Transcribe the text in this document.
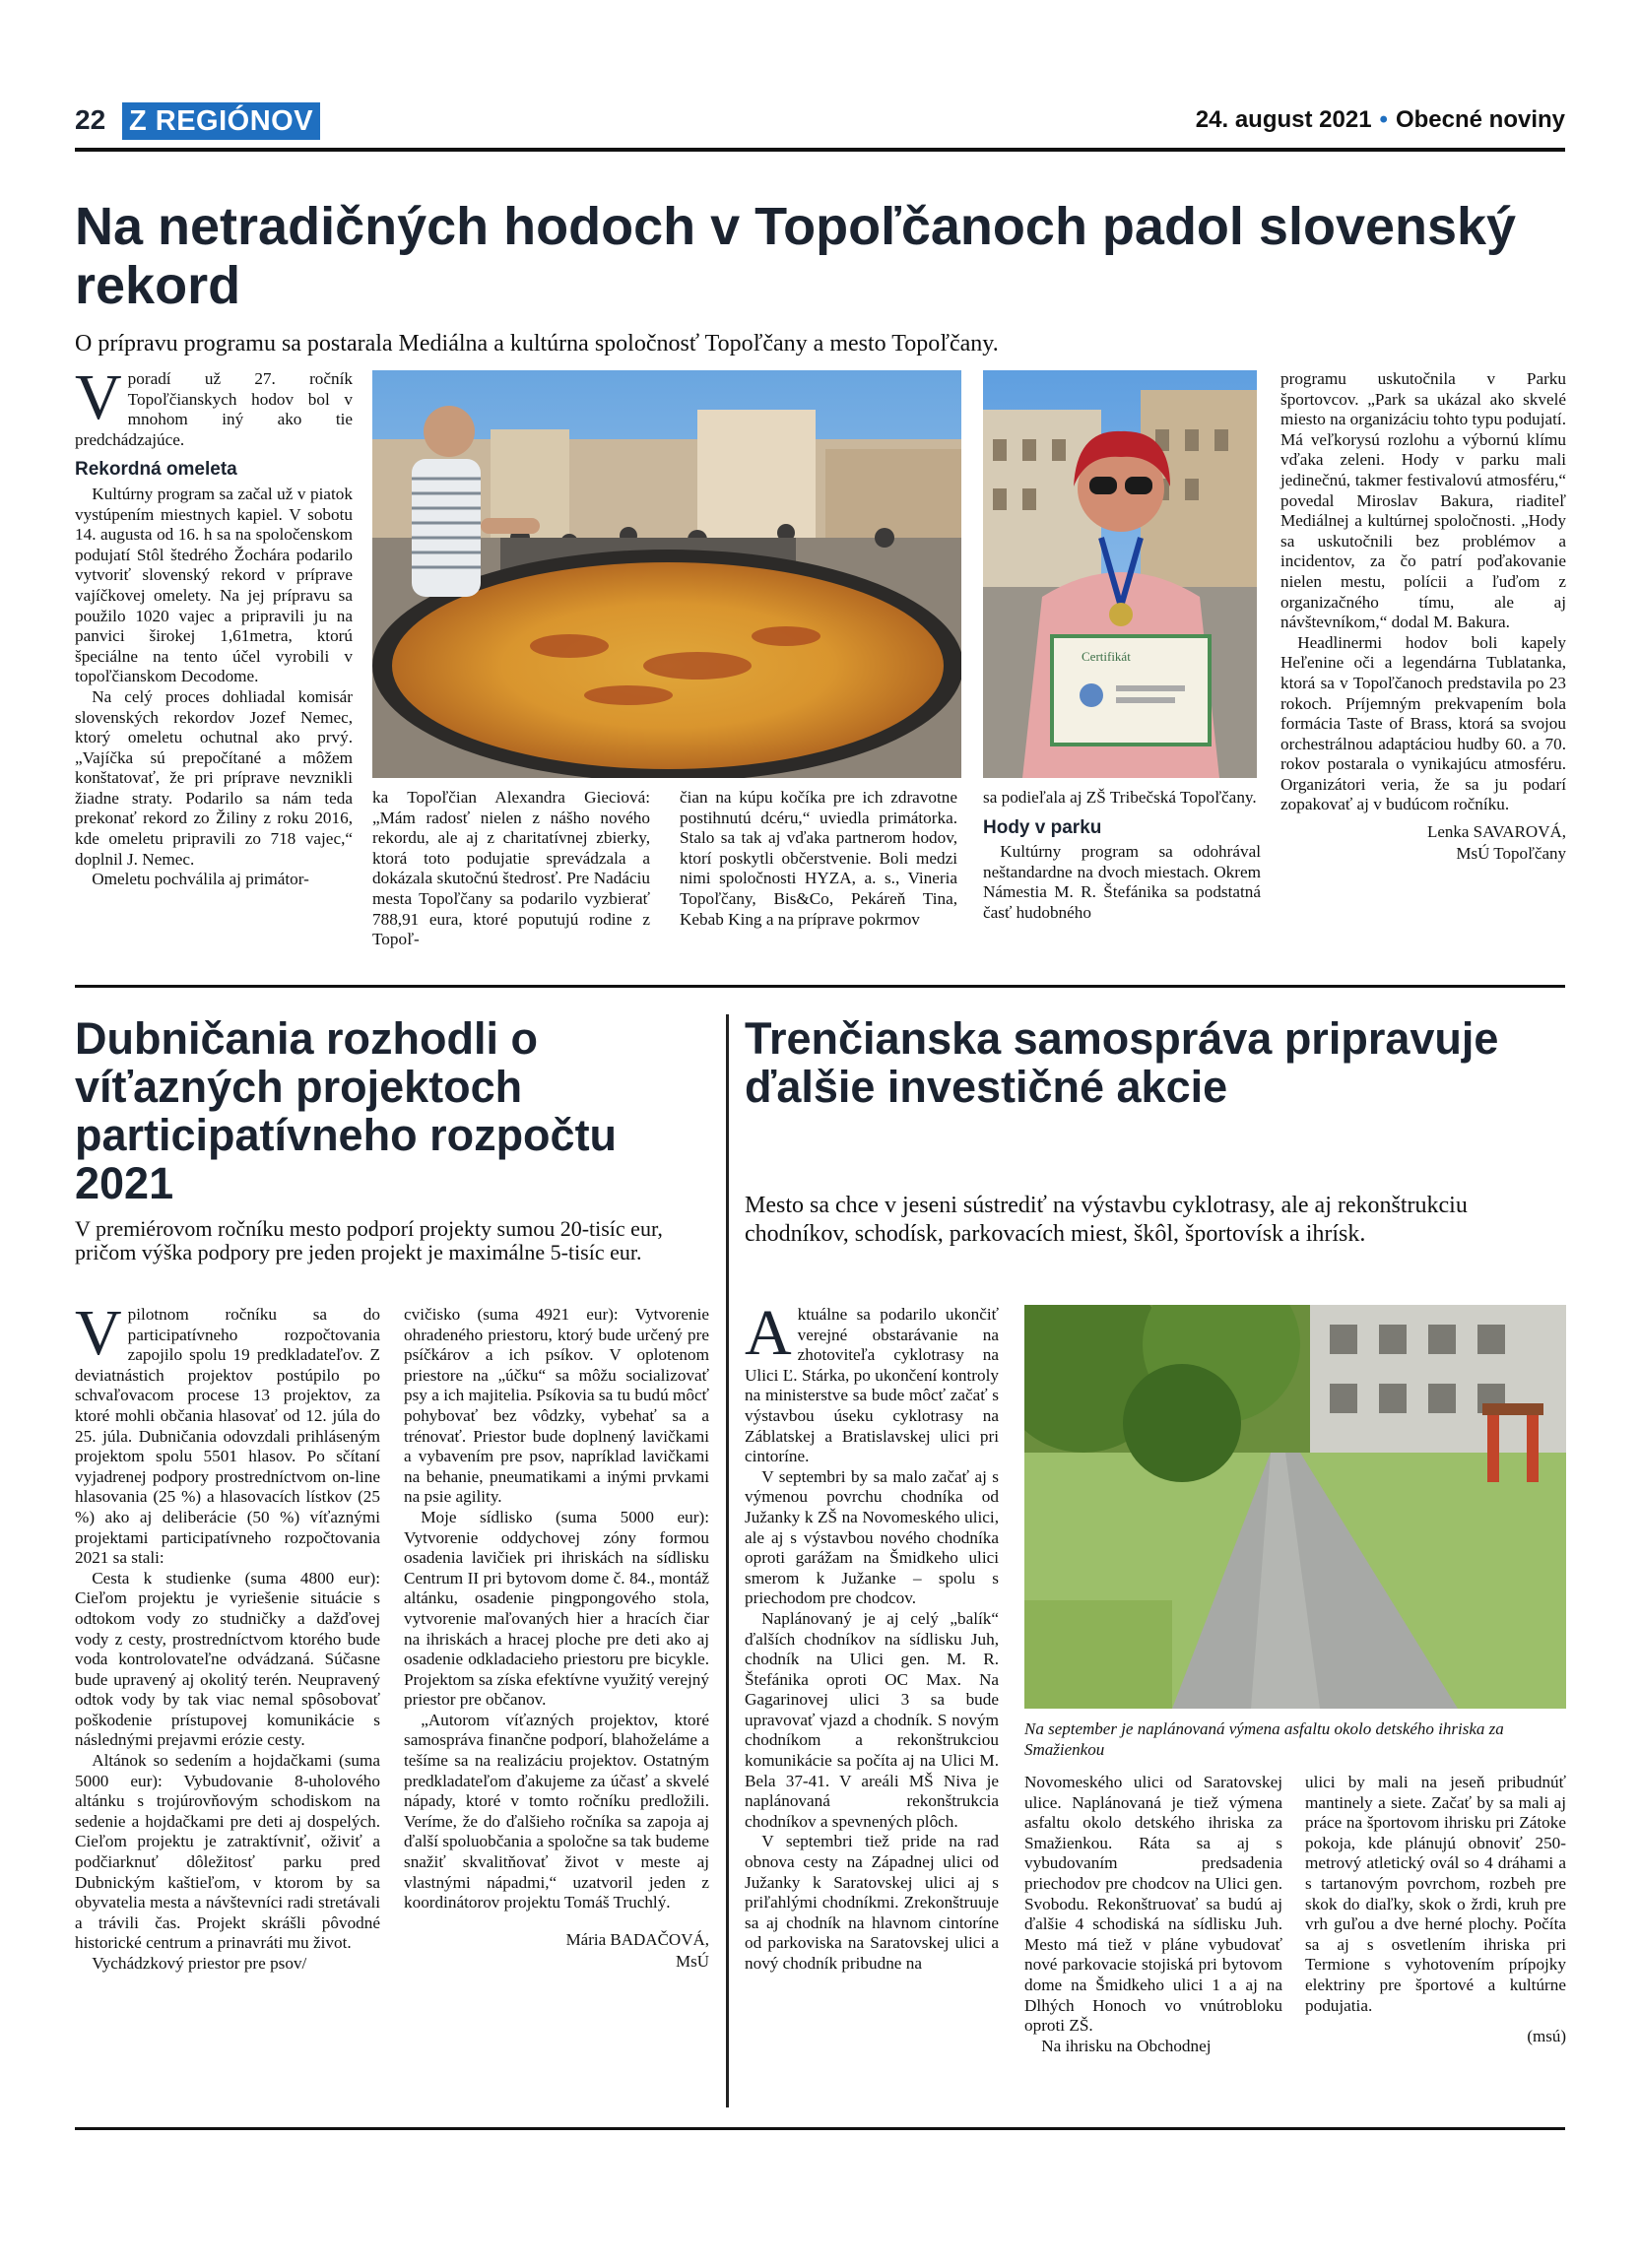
22 Z REGIÓNOV	24. august 2021 • Obecné noviny
Na netradičných hodoch v Topoľčanoch padol slovenský rekord
O prípravu programu sa postarala Mediálna a kultúrna spoločnosť Topoľčany a mesto Topoľčany.

Vporadí už 27. ročník Topoľčianskych hodov bol v mnohom iný ako tie predchádzajúce.

Rekordná omeleta

Kultúrny program sa začal už v piatok vystúpením miestnych kapiel. V sobotu 14. augusta od 16. h sa na spoločenskom podujatí Stôl štedrého Žochára podarilo vytvoriť slovenský rekord v príprave vajíčkovej omelety. Na jej prípravu sa použilo 1020 vajec a pripravili ju na panvici širokej 1,61metra, ktorú špeciálne na tento účel vyrobili v topoľčianskom Decodome.

Na celý proces dohliadal komisár slovenských rekordov Jozef Nemec, ktorý omeletu ochutnal ako prvý. „Vajíčka sú prepočítané a môžem konštatovať, že pri príprave nevznikli žiadne straty. Podarilo sa nám teda prekonať rekord zo Žiliny z roku 2016, kde omeletu pripravili zo 718 vajec,“ doplnil J. Nemec.

Omeletu pochválila aj primátor-

Certifikát

ka Topoľčian Alexandra Gieciová: „Mám radosť nielen z nášho nového rekordu, ale aj z charitatívnej zbierky, ktorá toto podujatie sprevádzala a dokázala skutočnú štedrosť. Pre Nadáciu mesta Topoľčany sa podarilo vyzbierať 788,91 eura, ktoré poputujú rodine z Topoľ-

čian na kúpu kočíka pre ich zdravotne postihnutú dcéru,“ uviedla primátorka. Stalo sa tak aj vďaka partnerom hodov, ktorí poskytli občerstvenie. Boli medzi nimi spoločnosti HYZA, a. s., Vineria Topoľčany, Bis&Co, Pekáreň Tina, Kebab King a na príprave pokrmov

sa podieľala aj ZŠ Tribečská Topoľčany.

Hody v parku

Kultúrny program sa odohrával neštandardne na dvoch miestach. Okrem Námestia M. R. Štefánika sa podstatná časť hudobného

programu uskutočnila v Parku športovcov. „Park sa ukázal ako skvelé miesto na organizáciu tohto typu podujatí. Má veľkorysú rozlohu a výbornú klímu vďaka zeleni. Hody v parku mali jedinečnú, takmer festivalovú atmosféru,“ povedal Miroslav Bakura, riaditeľ Mediálnej a kultúrnej spoločnosti. „Hody sa uskutočnili bez problémov a incidentov, za čo patrí poďakovanie nielen mestu, polícii a ľuďom z organizačného tímu, ale aj návštevníkom,“ dodal M. Bakura.

Headlinermi hodov boli kapely Heľenine oči a legendárna Tublatanka, ktorá sa v Topoľčanoch predstavila po 23 rokoch. Príjemným prekvapením bola formácia Taste of Brass, ktorá sa svojou orchestrálnou adaptáciou hudby 60. a 70. rokov postarala o vynikajúcu atmosféru. Organizátori veria, že sa ju podarí zopakovať aj v budúcom ročníku.

Lenka SAVAROVÁ,
MsÚ Topoľčany
Dubničania rozhodli o víťazných projektoch participatívneho rozpočtu 2021
V premiérovom ročníku mesto podporí projekty sumou 20-tisíc eur, pričom výška podpory pre jeden projekt je maximálne 5-tisíc eur.

Vpilotnom ročníku sa do participatívneho rozpočtovania zapojilo spolu 19 predkladateľov. Z deviatnástich projektov postúpilo po schvaľovacom procese 13 projektov, za ktoré mohli občania hlasovať od 12. júla do 25. júla. Dubničania odovzdali prihláseným projektom spolu 5501 hlasov. Po sčítaní vyjadrenej podpory prostredníctvom on-line hlasovania (25 %) a hlasovacích lístkov (25 %) ako aj deliberácie (50 %) víťaznými projektami participatívneho rozpočtovania 2021 sa stali:

Cesta k studienke (suma 4800 eur): Cieľom projektu je vyriešenie situácie s odtokom vody zo studničky a dažďovej vody z cesty, prostredníctvom ktorého bude voda kontrolovateľne odvádzaná. Súčasne bude upravený aj okolitý terén. Neupravený odtok vody by tak viac nemal spôsobovať poškodenie prístupovej komunikácie s následnými prejavmi erózie cesty.

Altánok so sedením a hojdačkami (suma 5000 eur): Vybudovanie 8-uholového altánku s trojúrovňovým schodiskom na sedenie a hojdačkami pre deti aj dospelých. Cieľom projektu je zatraktívniť, oživiť a podčiarknuť dôležitosť parku pred Dubnickým kaštieľom, v ktorom by sa obyvatelia mesta a návštevníci radi stretávali a trávili čas. Projekt skrášli pôvodné historické centrum a prinavráti mu život.

Vychádzkový priestor pre psov/

cvičisko (suma 4921 eur): Vytvorenie ohradeného priestoru, ktorý bude určený pre psíčkárov a ich psíkov. V oplotenom priestore na „účku“ sa môžu socializovať psy a ich majitelia. Psíkovia sa tu budú môcť pohybovať bez vôdzky, vybehať sa a trénovať. Priestor bude doplnený lavičkami a vybavením pre psov, napríklad lavičkami na behanie, pneumatikami a inými prvkami na psie agility.

Moje sídlisko (suma 5000 eur): Vytvorenie oddychovej zóny formou osadenia lavičiek pri ihriskách na sídlisku Centrum II pri bytovom dome č. 84., montáž altánku, osadenie pingpongového stola, vytvorenie maľovaných hier a hracích čiar na ihriskách a hracej ploche pre deti ako aj osadenie odkladacieho priestoru pre bicykle. Projektom sa získa efektívne využitý verejný priestor pre občanov.

„Autorom víťazných projektov, ktoré samospráva finančne podporí, blahoželáme a tešíme sa na realizáciu projektov. Ostatným predkladateľom ďakujeme za účasť a skvelé nápady, ktoré v tomto ročníku predložili. Veríme, že do ďalšieho ročníka sa zapoja aj ďalší spoluobčania a spoločne sa tak budeme snažiť skvalitňovať život v meste aj vlastnými nápadmi,“ uzatvoril jeden z koordinátorov projektu Tomáš Truchlý.

Mária BADAČOVÁ,
MsÚ
Trenčianska samospráva pripravuje ďalšie investičné akcie
Mesto sa chce v jeseni sústrediť na výstavbu cyklotrasy, ale aj rekonštrukciu chodníkov, schodísk, parkovacích miest, škôl, športovísk a ihrísk.

Aktuálne sa podarilo ukončiť verejné obstarávanie na zhotoviteľa cyklotrasy na Ulici Ľ. Stárka, po ukončení kontroly na ministerstve sa bude môcť začať s výstavbou úseku cyklotrasy na Záblatskej a Bratislavskej ulici pri cintoríne.

V septembri by sa malo začať aj s výmenou povrchu chodníka od Južanky k ZŠ na Novomeského ulici, ale aj s výstavbou nového chodníka oproti garážam na Šmidkeho ulici smerom k Južanke – spolu s priechodom pre chodcov.

Naplánovaný je aj celý „balík“ ďalších chodníkov na sídlisku Juh, chodník na Ulici gen. M. R. Štefánika oproti OC Max. Na Gagarinovej ulici 3 sa bude upravovať vjazd a chodník. S novým chodníkom a rekonštrukciou komunikácie sa počíta aj na Ulici M. Bela 37-41. V areáli MŠ Niva je naplánovaná rekonštrukcia chodníkov a spevnených plôch.

V septembri tiež pride na rad obnova cesty na Západnej ulici od Južanky k Saratovskej ulici aj s priľahlými chodníkmi. Zrekonštruuje sa aj chodník na hlavnom cintoríne od parkoviska na Saratovskej ulici a nový chodník pribudne na

Na september je naplánovaná výmena asfaltu okolo detského ihriska za Smažienkou

Novomeského ulici od Saratovskej ulice. Naplánovaná je tiež výmena asfaltu okolo detského ihriska za Smažienkou. Ráta sa aj s vybudovaním predsadenia priechodov pre chodcov na Ulici gen. Svobodu. Rekonštruovať sa budú aj ďalšie 4 schodiská na sídlisku Juh. Mesto má tiež v pláne vybudovať nové parkovacie stojiská pri bytovom dome na Šmidkeho ulici 1 a aj na Dlhých Honoch vo vnútrobloku oproti ZŠ.

Na ihrisku na Obchodnej

ulici by mali na jeseň pribudnúť mantinely a siete. Začať by sa mali aj práce na športovom ihrisku pri Zátoke pokoja, kde plánujú obnoviť 250-metrový atletický ovál so 4 dráhami a s tartanovým povrchom, rozbeh pre skok do diaľky, skok o žrdi, kruh pre vrh guľou a dve herné plochy. Počíta sa aj s osvetlením ihriska pri Termione s vyhotovením prípojky elektriny pre športové a kultúrne podujatia.

(msú)
